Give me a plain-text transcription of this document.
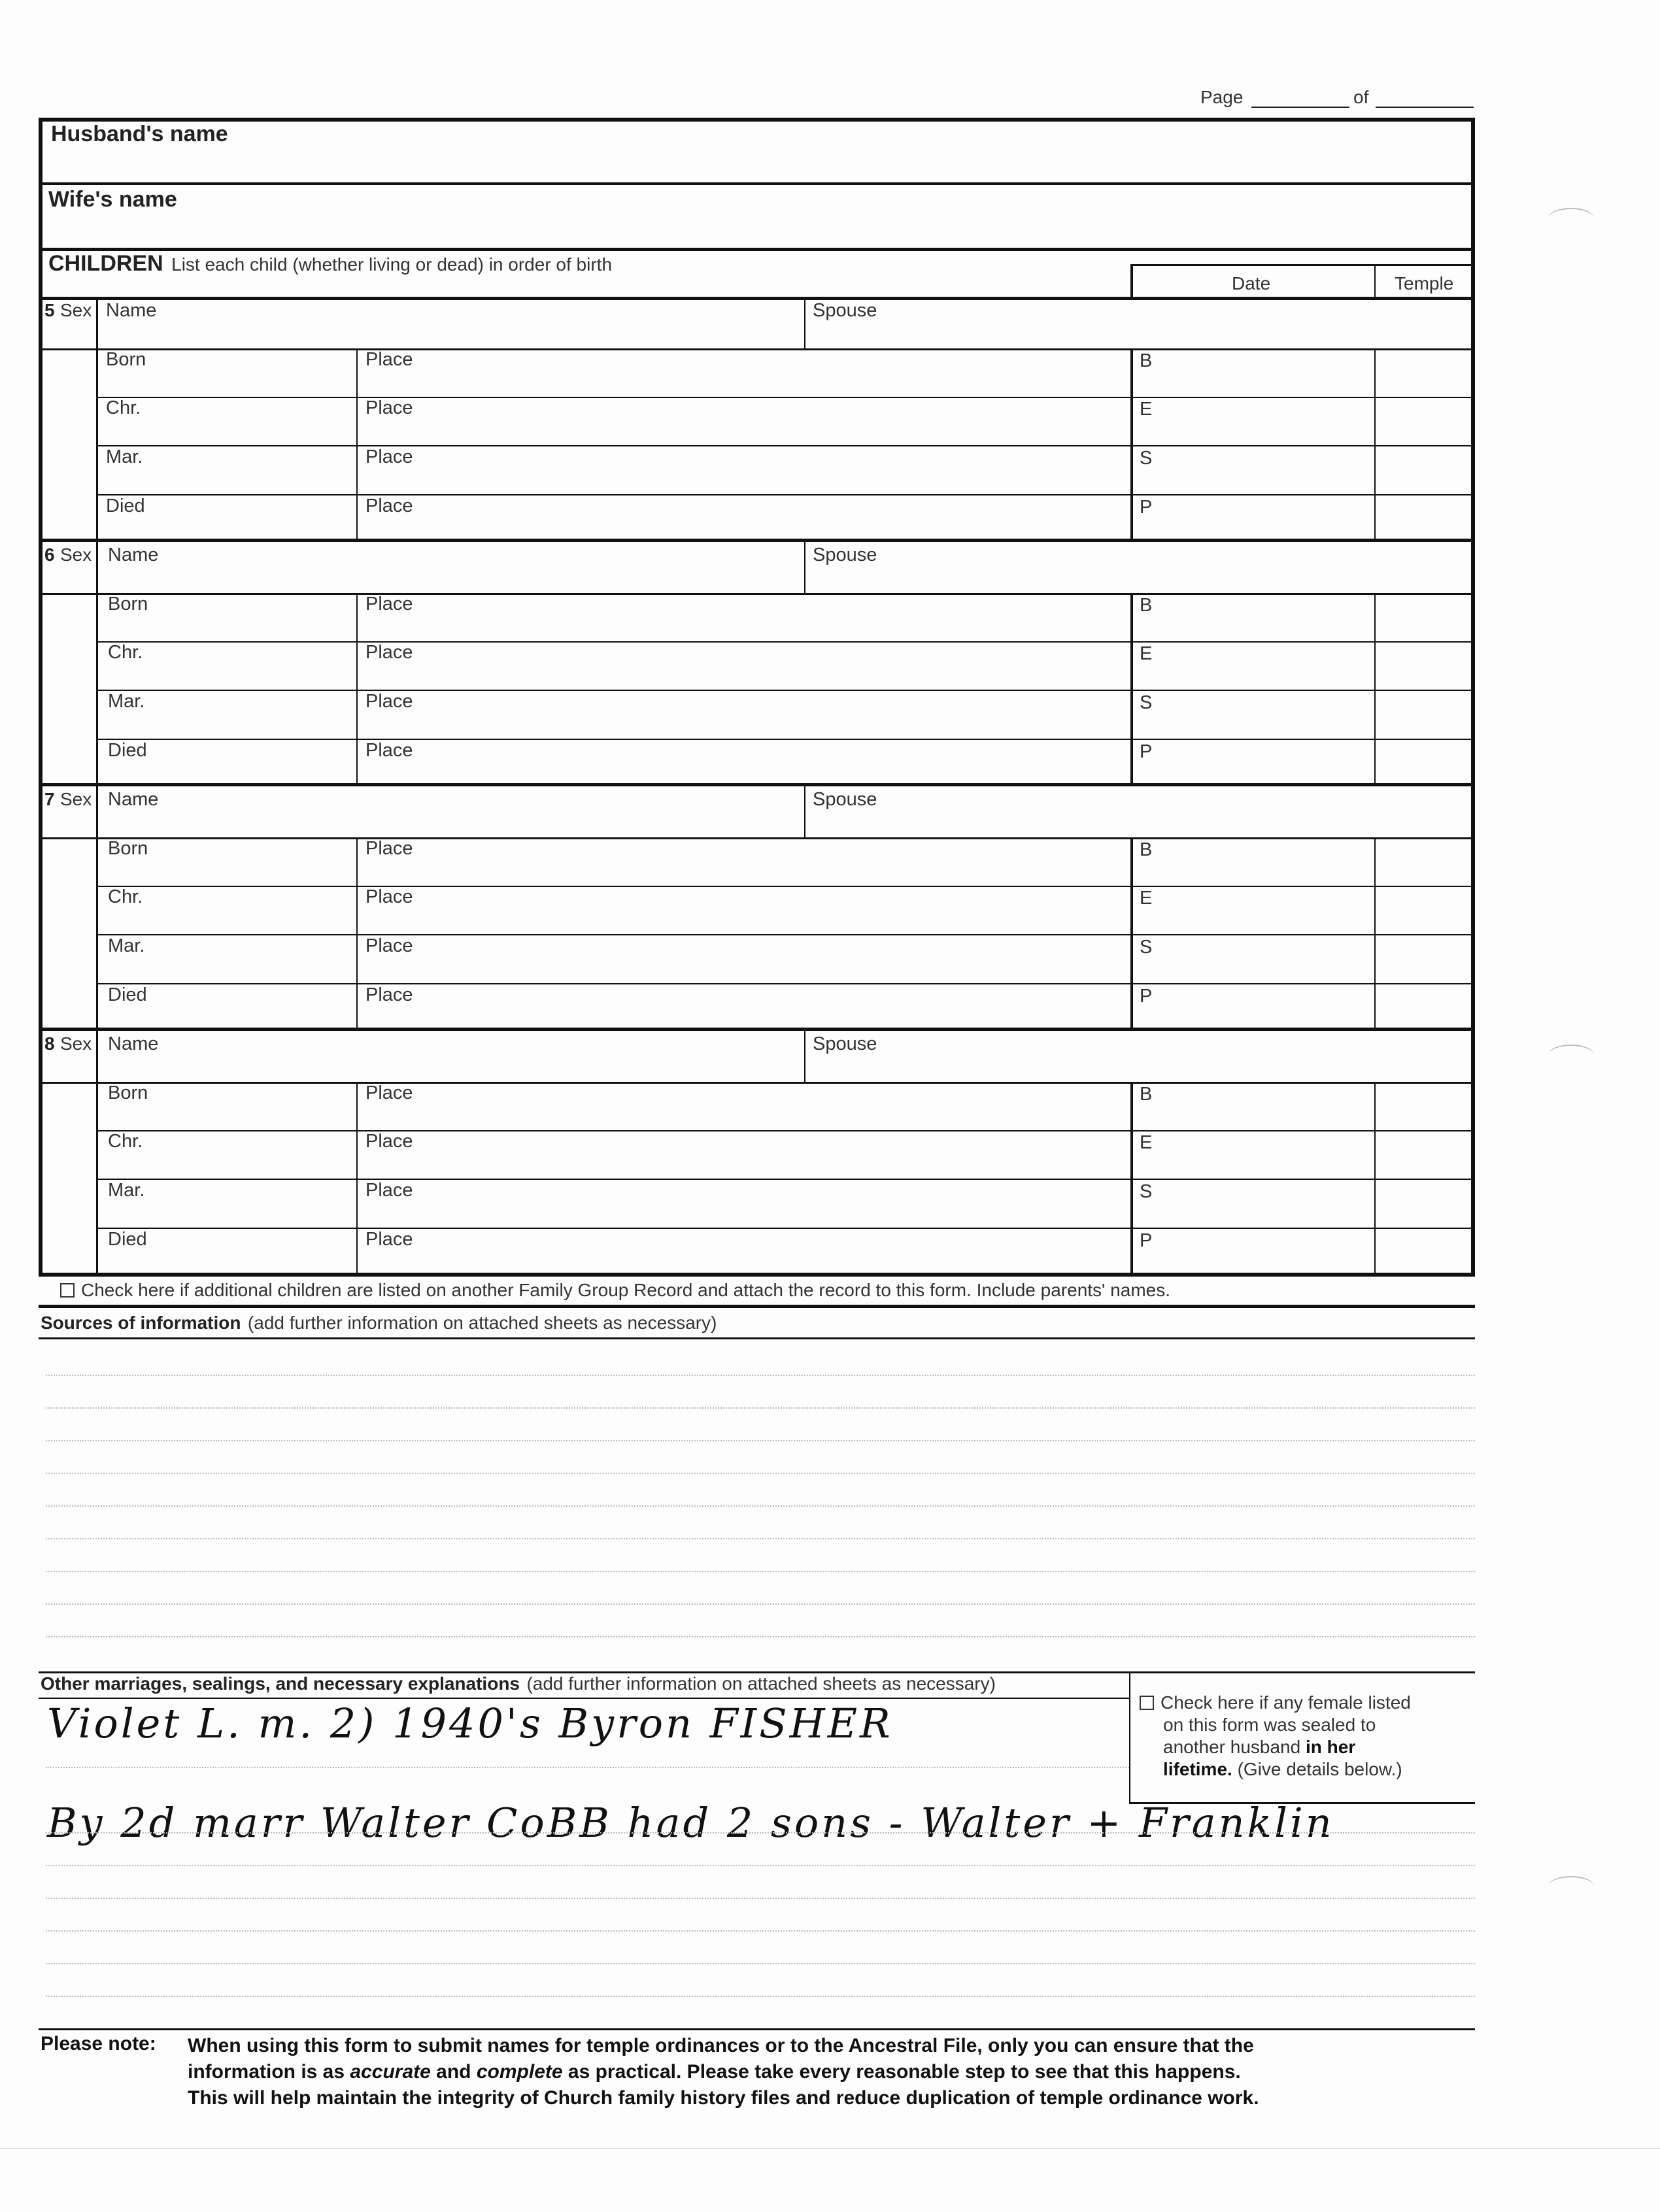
Page	of
Husband's name
Wife's name
CHILDREN List each child (whether living or dead) in order of birth
Date	Temple
5 Sex Name	Spouse
Born	Place	B
Chr.	Place	E
Mar.	Place	S
Died	Place	P
6 Sex Name	Spouse
Born	Place	B
Chr.	Place	E
Mar.	Place	S
Died	Place	P
7 Sex Name	Spouse
Born	Place	B
Chr.	Place	E
Mar.	Place	S
Died	Place	P
8 Sex Name	Spouse
Born	Place	B
Chr.	Place	E
Mar.	Place	S
Died	Place	P
Check here if additional children are listed on another Family Group Record and attach the record to this form. Include parents' names.
Sources of information (add further information on attached sheets as necessary)
Other marriages, sealings, and necessary explanations (add further information on attached sheets as necessary)
Check here if any female listed
on this form was sealed to
another husband in her
lifetime. (Give details below.)
Violet L. m. 2) 1940's Byron FISHER
By 2d marr Walter CoBB had 2 sons - Walter + Franklin
Please note: When using this form to submit names for temple ordinances or to the Ancestral File, only you can ensure that the
information is as accurate and complete as practical. Please take every reasonable step to see that this happens.
This will help maintain the integrity of Church family history files and reduce duplication of temple ordinance work.
